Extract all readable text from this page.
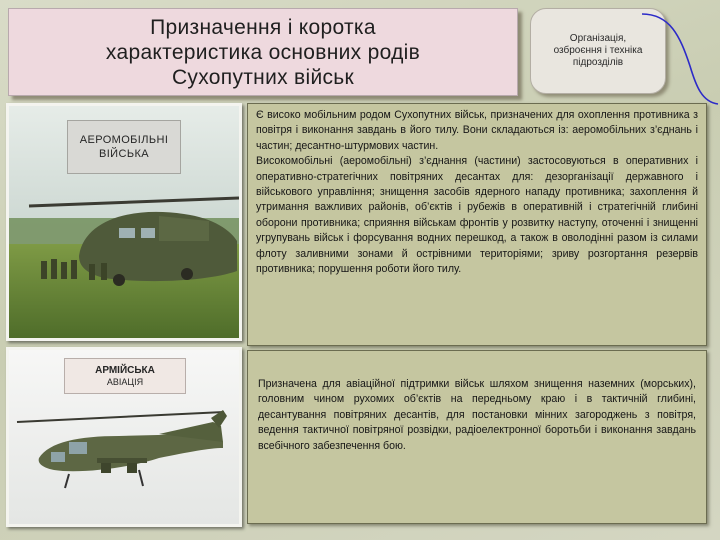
Призначення і коротка
характеристика основних родів
Сухопутних військ
Організація,
озброєння і техніка
підрозділів
АЕРОМОБІЛЬНІ
ВІЙСЬКА
АРМІЙСЬКА
АВІАЦІЯ

Є високо мобільним родом Сухопутних військ, призначених для охоплення противника з повітря і виконання завдань в його тилу. Вони складаються із: аеромобільних з’єднань і частин; десантно-штурмових частин.

Високомобільні (аеромобільні) з’єднання (частини) застосовуються в оперативних і оперативно-стратегічних повітряних десантах для: дезорганізації державного і військового управління; знищення засобів ядерного нападу противника; захоплення й утримання важливих районів, об’єктів і рубежів в оперативній і стратегічній глибині оборони противника; сприяння військам фронтів у розвитку наступу, оточенні і знищенні угрупувань військ і форсування водних перешкод, а також в оволодінні разом із силами флоту заливними зонами й острівними територіями; зриву розгортання резервів противника; порушення роботи його тилу.

Призначена для авіаційної підтримки військ шляхом знищення наземних (морських), головним чином рухомих об’єктів на передньому краю і в тактичній глибині, десантування повітряних десантів, для постановки мінних загороджень з повітря, ведення тактичної повітряної розвідки, радіоелектронної боротьби і виконання завдань всебічного забезпечення бою.
